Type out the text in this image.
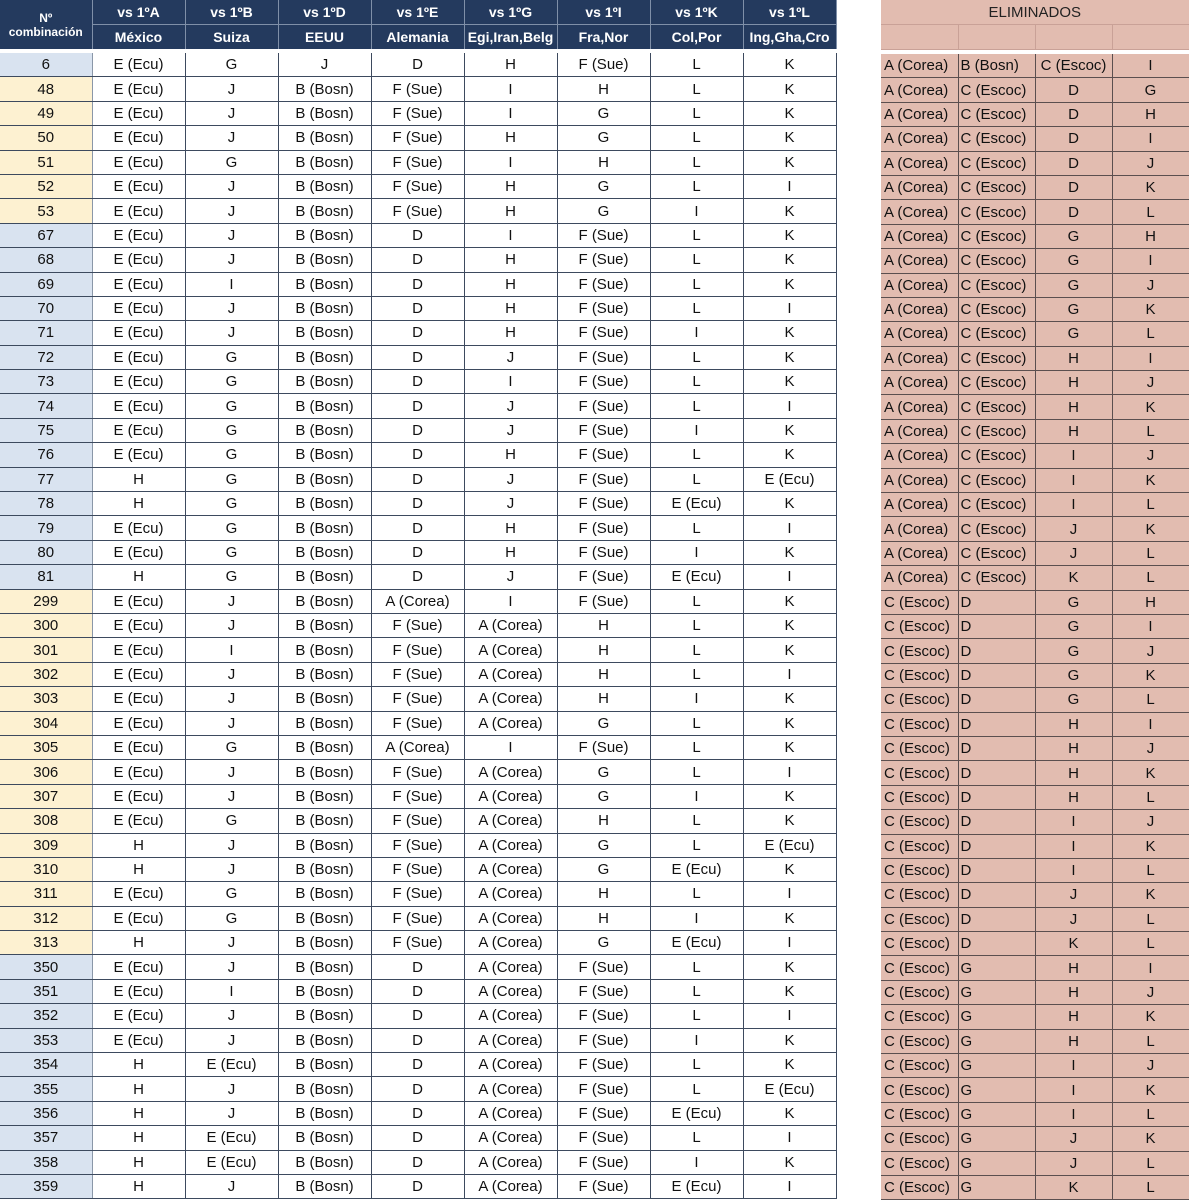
Nº
combinación	vs 1ºA	vs 1ºB	vs 1ºD	vs 1ºE	vs 1ºG	vs 1ºI	vs 1ºK	vs 1ºL
	México	Suiza	EEUU	Alemania	Egi,Iran,Belg	Fra,Nor	Col,Por	Ing,Gha,Cro

6	E (Ecu)	G	J	D	H	F (Sue)	L	K
48	E (Ecu)	J	B (Bosn)	F (Sue)	I	H	L	K
49	E (Ecu)	J	B (Bosn)	F (Sue)	I	G	L	K
50	E (Ecu)	J	B (Bosn)	F (Sue)	H	G	L	K
51	E (Ecu)	G	B (Bosn)	F (Sue)	I	H	L	K
52	E (Ecu)	J	B (Bosn)	F (Sue)	H	G	L	I
53	E (Ecu)	J	B (Bosn)	F (Sue)	H	G	I	K
67	E (Ecu)	J	B (Bosn)	D	I	F (Sue)	L	K
68	E (Ecu)	J	B (Bosn)	D	H	F (Sue)	L	K
69	E (Ecu)	I	B (Bosn)	D	H	F (Sue)	L	K
70	E (Ecu)	J	B (Bosn)	D	H	F (Sue)	L	I
71	E (Ecu)	J	B (Bosn)	D	H	F (Sue)	I	K
72	E (Ecu)	G	B (Bosn)	D	J	F (Sue)	L	K
73	E (Ecu)	G	B (Bosn)	D	I	F (Sue)	L	K
74	E (Ecu)	G	B (Bosn)	D	J	F (Sue)	L	I
75	E (Ecu)	G	B (Bosn)	D	J	F (Sue)	I	K
76	E (Ecu)	G	B (Bosn)	D	H	F (Sue)	L	K
77	H	G	B (Bosn)	D	J	F (Sue)	L	E (Ecu)
78	H	G	B (Bosn)	D	J	F (Sue)	E (Ecu)	K
79	E (Ecu)	G	B (Bosn)	D	H	F (Sue)	L	I
80	E (Ecu)	G	B (Bosn)	D	H	F (Sue)	I	K
81	H	G	B (Bosn)	D	J	F (Sue)	E (Ecu)	I
299	E (Ecu)	J	B (Bosn)	A (Corea)	I	F (Sue)	L	K
300	E (Ecu)	J	B (Bosn)	F (Sue)	A (Corea)	H	L	K
301	E (Ecu)	I	B (Bosn)	F (Sue)	A (Corea)	H	L	K
302	E (Ecu)	J	B (Bosn)	F (Sue)	A (Corea)	H	L	I
303	E (Ecu)	J	B (Bosn)	F (Sue)	A (Corea)	H	I	K
304	E (Ecu)	J	B (Bosn)	F (Sue)	A (Corea)	G	L	K
305	E (Ecu)	G	B (Bosn)	A (Corea)	I	F (Sue)	L	K
306	E (Ecu)	J	B (Bosn)	F (Sue)	A (Corea)	G	L	I
307	E (Ecu)	J	B (Bosn)	F (Sue)	A (Corea)	G	I	K
308	E (Ecu)	G	B (Bosn)	F (Sue)	A (Corea)	H	L	K
309	H	J	B (Bosn)	F (Sue)	A (Corea)	G	L	E (Ecu)
310	H	J	B (Bosn)	F (Sue)	A (Corea)	G	E (Ecu)	K
311	E (Ecu)	G	B (Bosn)	F (Sue)	A (Corea)	H	L	I
312	E (Ecu)	G	B (Bosn)	F (Sue)	A (Corea)	H	I	K
313	H	J	B (Bosn)	F (Sue)	A (Corea)	G	E (Ecu)	I
350	E (Ecu)	J	B (Bosn)	D	A (Corea)	F (Sue)	L	K
351	E (Ecu)	I	B (Bosn)	D	A (Corea)	F (Sue)	L	K
352	E (Ecu)	J	B (Bosn)	D	A (Corea)	F (Sue)	L	I
353	E (Ecu)	J	B (Bosn)	D	A (Corea)	F (Sue)	I	K
354	H	E (Ecu)	B (Bosn)	D	A (Corea)	F (Sue)	L	K
355	H	J	B (Bosn)	D	A (Corea)	F (Sue)	L	E (Ecu)
356	H	J	B (Bosn)	D	A (Corea)	F (Sue)	E (Ecu)	K
357	H	E (Ecu)	B (Bosn)	D	A (Corea)	F (Sue)	L	I
358	H	E (Ecu)	B (Bosn)	D	A (Corea)	F (Sue)	I	K
359	H	J	B (Bosn)	D	A (Corea)	F (Sue)	E (Ecu)	I
ELIMINADOS			

A (Corea)	B (Bosn)	C (Escoc)	I
A (Corea)	C (Escoc)	D	G
A (Corea)	C (Escoc)	D	H
A (Corea)	C (Escoc)	D	I
A (Corea)	C (Escoc)	D	J
A (Corea)	C (Escoc)	D	K
A (Corea)	C (Escoc)	D	L
A (Corea)	C (Escoc)	G	H
A (Corea)	C (Escoc)	G	I
A (Corea)	C (Escoc)	G	J
A (Corea)	C (Escoc)	G	K
A (Corea)	C (Escoc)	G	L
A (Corea)	C (Escoc)	H	I
A (Corea)	C (Escoc)	H	J
A (Corea)	C (Escoc)	H	K
A (Corea)	C (Escoc)	H	L
A (Corea)	C (Escoc)	I	J
A (Corea)	C (Escoc)	I	K
A (Corea)	C (Escoc)	I	L
A (Corea)	C (Escoc)	J	K
A (Corea)	C (Escoc)	J	L
A (Corea)	C (Escoc)	K	L
C (Escoc)	D	G	H
C (Escoc)	D	G	I
C (Escoc)	D	G	J
C (Escoc)	D	G	K
C (Escoc)	D	G	L
C (Escoc)	D	H	I
C (Escoc)	D	H	J
C (Escoc)	D	H	K
C (Escoc)	D	H	L
C (Escoc)	D	I	J
C (Escoc)	D	I	K
C (Escoc)	D	I	L
C (Escoc)	D	J	K
C (Escoc)	D	J	L
C (Escoc)	D	K	L
C (Escoc)	G	H	I
C (Escoc)	G	H	J
C (Escoc)	G	H	K
C (Escoc)	G	H	L
C (Escoc)	G	I	J
C (Escoc)	G	I	K
C (Escoc)	G	I	L
C (Escoc)	G	J	K
C (Escoc)	G	J	L
C (Escoc)	G	K	L
